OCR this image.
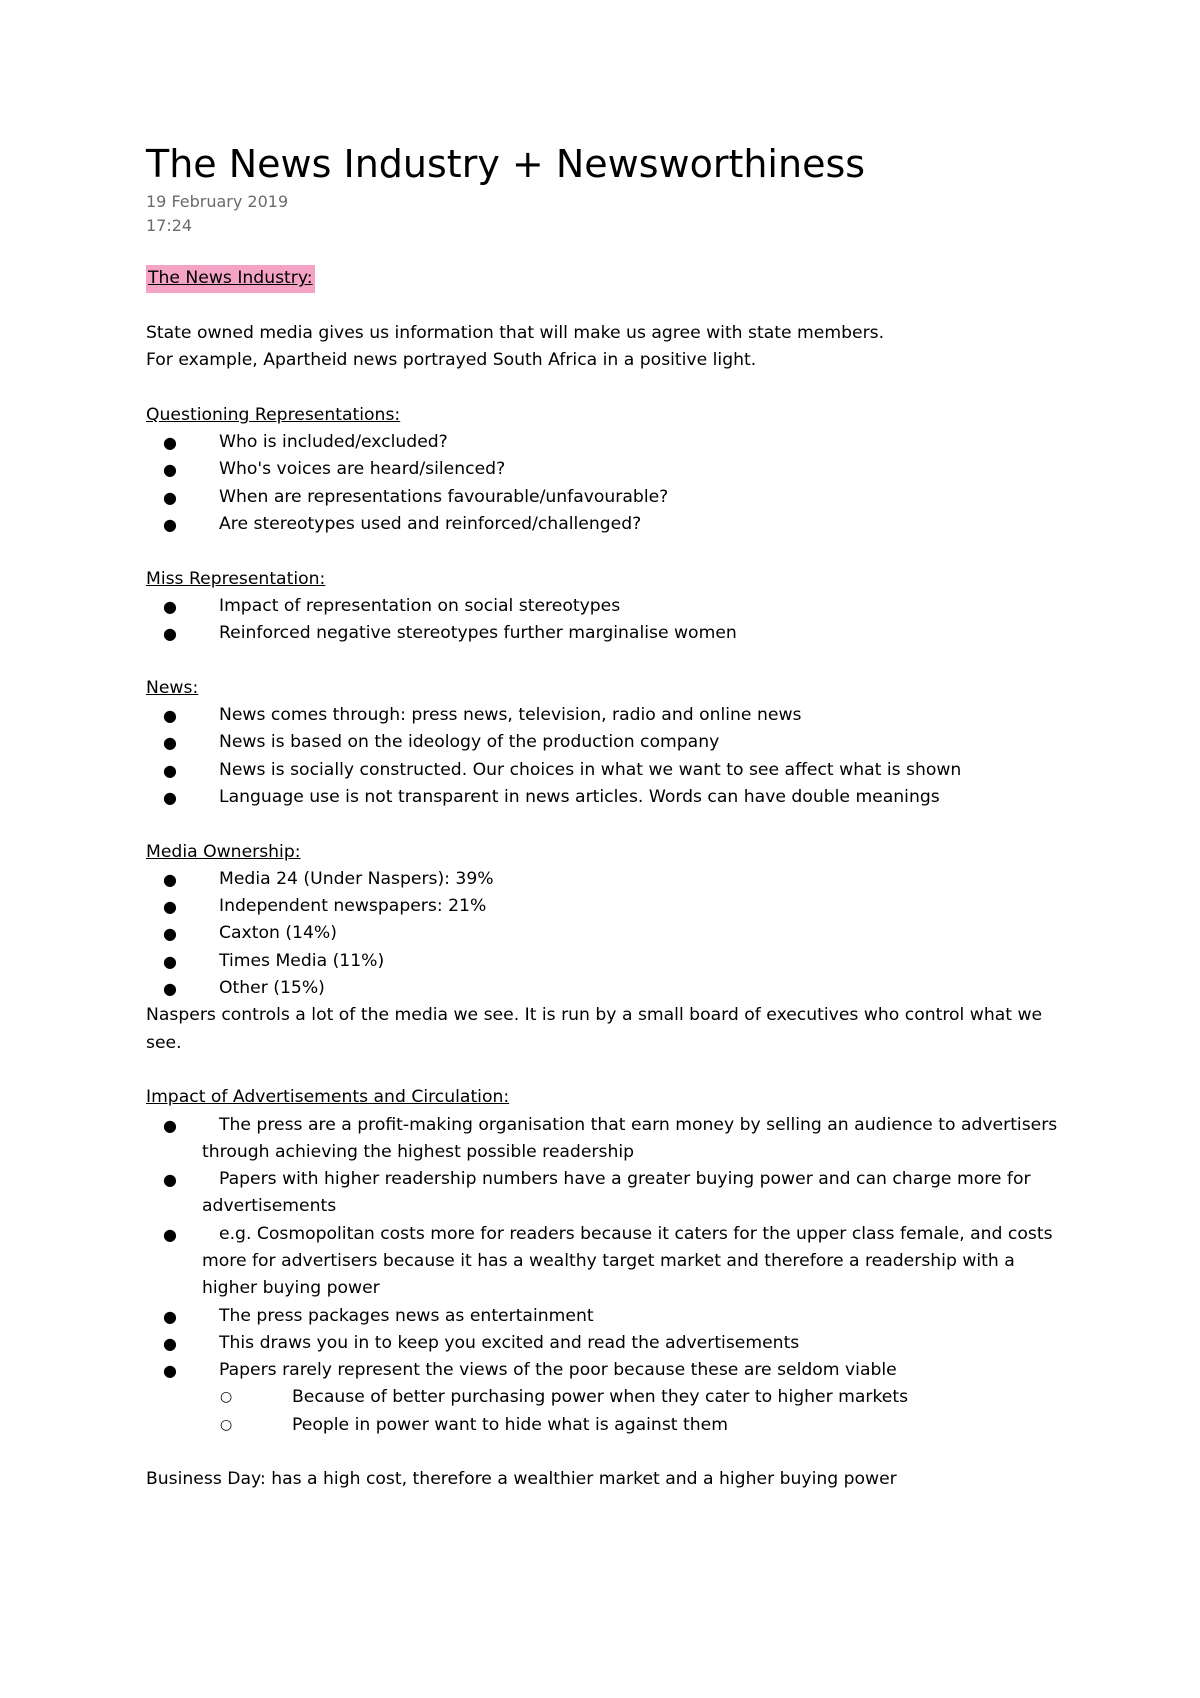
The News Industry + Newsworthiness

19 February 2019

17:24

The News Industry:

State owned media gives us information that will make us agree with state members.

For example, Apartheid news portrayed South Africa in a positive light.

Questioning Representations:

● Who is included/excluded?
● Who's voices are heard/silenced?
● When are representations favourable/unfavourable?
● Are stereotypes used and reinforced/challenged?

Miss Representation:

● Impact of representation on social stereotypes
● Reinforced negative stereotypes further marginalise women

News:

● News comes through: press news, television, radio and online news
● News is based on the ideology of the production company
● News is socially constructed. Our choices in what we want to see affect what is shown
● Language use is not transparent in news articles. Words can have double meanings

Media Ownership:

● Media 24 (Under Naspers): 39%
● Independent newspapers: 21%
● Caxton (14%)
● Times Media (11%)
● Other (15%)

Naspers controls a lot of the media we see. It is run by a small board of executives who control what we see.

Impact of Advertisements and Circulation:

● The press are a profit-making organisation that earn money by selling an audience to advertisers through achieving the highest possible readership
● Papers with higher readership numbers have a greater buying power and can charge more for advertisements
● e.g. Cosmopolitan costs more for readers because it caters for the upper class female, and costs more for advertisers because it has a wealthy target market and therefore a readership with a higher buying power
● The press packages news as entertainment
● This draws you in to keep you excited and read the advertisements
● Papers rarely represent the views of the poor because these are seldom viable
○	Because of better purchasing power when they cater to higher markets
○	People in power want to hide what is against them

Business Day: has a high cost, therefore a wealthier market and a higher buying power
